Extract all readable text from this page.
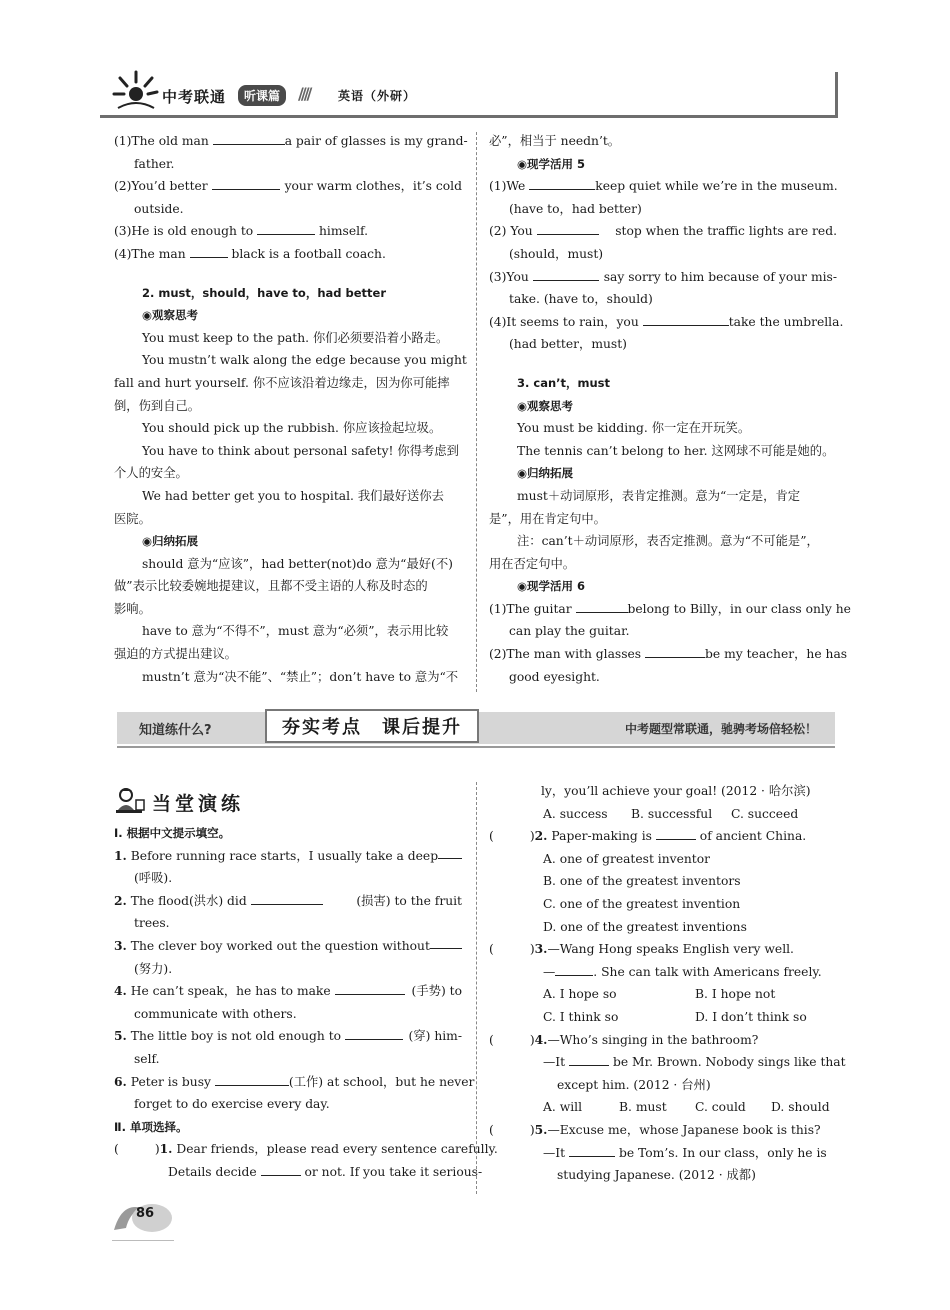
中考联通	听课篇	//// 英语（外研）

(1)The old man	a pair of glasses is my grand-

father.

(2)You’d better	your warm clothes，it’s cold

outside.

(3)He is old enough to	himself.

(4)The man	black is a football coach.

2. must，should，have to，had better

◉观察思考

You must keep to the path. 你们必须要沿着小路走。

You mustn’t walk along the edge because you might

fall and hurt yourself. 你不应该沿着边缘走，因为你可能摔

倒，伤到自己。

You should pick up the rubbish. 你应该捡起垃圾。

You have to think about personal safety! 你得考虑到

个人的安全。

We had better get you to hospital. 我们最好送你去

医院。

◉归纳拓展

should 意为“应该”，had better(not)do 意为“最好(不)

做”表示比较委婉地提建议，且都不受主语的人称及时态的

影响。

have to 意为“不得不”，must 意为“必须”，表示用比较

强迫的方式提出建议。

mustn’t 意为“决不能”、“禁止”；don’t have to 意为“不

必”，相当于 needn’t。

◉现学活用 5

(1)We	keep quiet while we’re in the museum.

(have to，had better)

(2) You	stop when the traffic lights are red.

(should，must)

(3)You	say sorry to him because of your mis-

take. (have to，should)

(4)It seems to rain，you	take the umbrella.

(had better，must)

3. can’t，must

◉观察思考

You must be kidding. 你一定在开玩笑。

The tennis can’t belong to her. 这网球不可能是她的。

◉归纳拓展

must＋动词原形，表肯定推测。意为“一定是，肯定

是”，用在肯定句中。

注：can’t＋动词原形，表否定推测。意为“不可能是”，

用在否定句中。

◉现学活用 6

(1)The guitar	belong to Billy，in our class only he

can play the guitar.

(2)The man with glasses	be my teacher，he has

good eyesight.

知道练什么?	夯实考点　课后提升	中考题型常联通，驰骋考场倍轻松！
当堂演练

Ⅰ. 根据中文提示填空。

1. Before running race starts，I usually take a deep

(呼吸).

2. The flood(洪水) did	(损害) to the fruit

trees.

3. The clever boy worked out the question without

(努力).

4. He can’t speak，he has to make	(手势) to

communicate with others.

5. The little boy is not old enough to	(穿) him-

self.

6. Peter is busy	(工作) at school，but he never

forget to do exercise every day.

Ⅱ. 单项选择。

(	)1. Dear friends，please read every sentence carefully.

Details decide	or not. If you take it serious-

ly，you’ll achieve your goal! (2012 · 哈尔滨)

A. success B. successful C. succeed

(	)2. Paper-making is	of ancient China.

A. one of greatest inventor

B. one of the greatest inventors

C. one of the greatest invention

D. one of the greatest inventions

(	)3.—Wang Hong speaks English very well.

—	. She can talk with Americans freely.

A. I hope so	B. I hope not

C. I think so	D. I don’t think so

(	)4.—Who’s singing in the bathroom?

—It	be Mr. Brown. Nobody sings like that

except him. (2012 · 台州)

A. will	B. must C. could D. should

(	)5.—Excuse me，whose Japanese book is this?

—It	be Tom’s. In our class，only he is

studying Japanese. (2012 · 成都)

86
